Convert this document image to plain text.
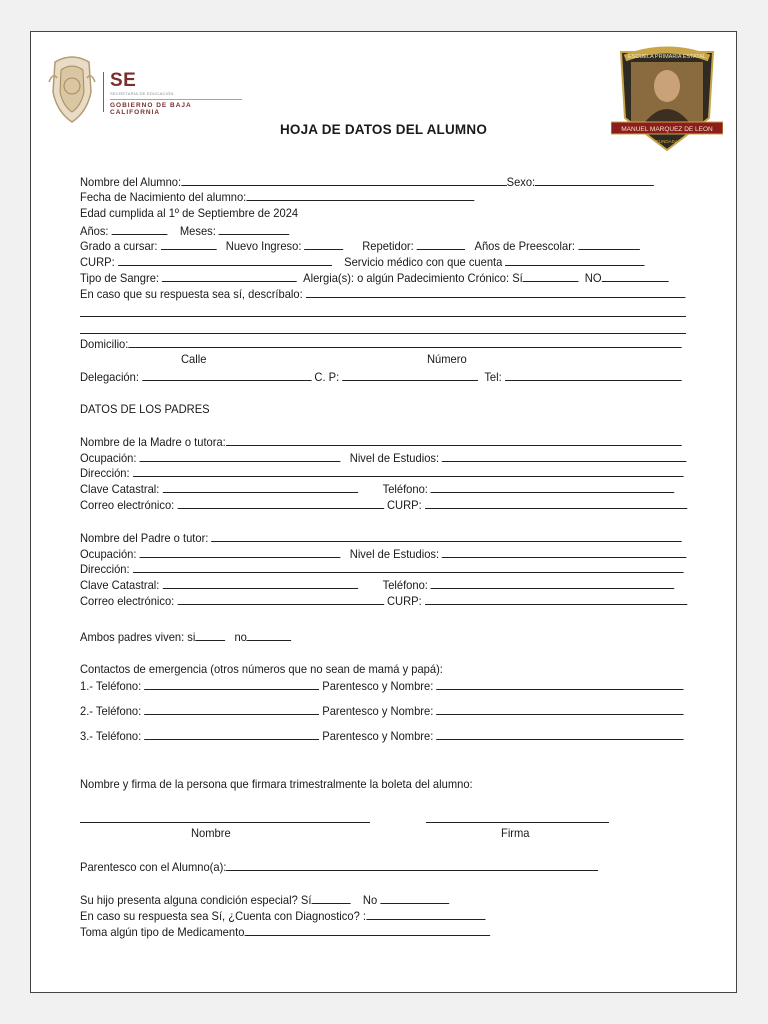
SE
SECRETARÍA DE EDUCACIÓN
GOBIERNO DE BAJA CALIFORNIA
ESCUELA PRIMARIA ESTATAL
MANUEL MARQUEZ DE LEON
FUNDADA
HOJA DE DATOS DEL ALUMNO
Nombre del Alumno:	Sexo:
Fecha de Nacimiento del alumno:
Edad cumplida al 1º de Septiembre de 2024
Años:	Meses:
Grado a cursar:	Nuevo Ingreso:	Repetidor:	Años de Preescolar:
CURP:	Servicio médico con que cuenta
Tipo de Sangre:	Alergia(s): o algún Padecimiento Crónico: Sí	NO
En caso que su respuesta sea sí, descríbalo:
Domicilio:
Calle	Número
Delegación:	C. P:	Tel:
DATOS DE LOS PADRES
Nombre de la Madre o tutora:
Ocupación:	Nivel de Estudios:
Dirección:
Clave Catastral:	Teléfono:
Correo electrónico:	CURP:
Nombre del Padre o tutor:
Ocupación:	Nivel de Estudios:
Dirección:
Clave Catastral:	Teléfono:
Correo electrónico:	CURP:
Ambos padres viven: si	no
Contactos de emergencia (otros números que no sean de mamá y papá):
1.- Teléfono:	Parentesco y Nombre:
2.- Teléfono:	Parentesco y Nombre:
3.- Teléfono:	Parentesco y Nombre:
Nombre y firma de la persona que firmara trimestralmente la boleta del alumno:
Nombre	Firma
Parentesco con el Alumno(a):
Su hijo presenta alguna condición especial? Sí	No
En caso su respuesta sea Sí, ¿Cuenta con Diagnostico? :
Toma algún tipo de Medicamento
